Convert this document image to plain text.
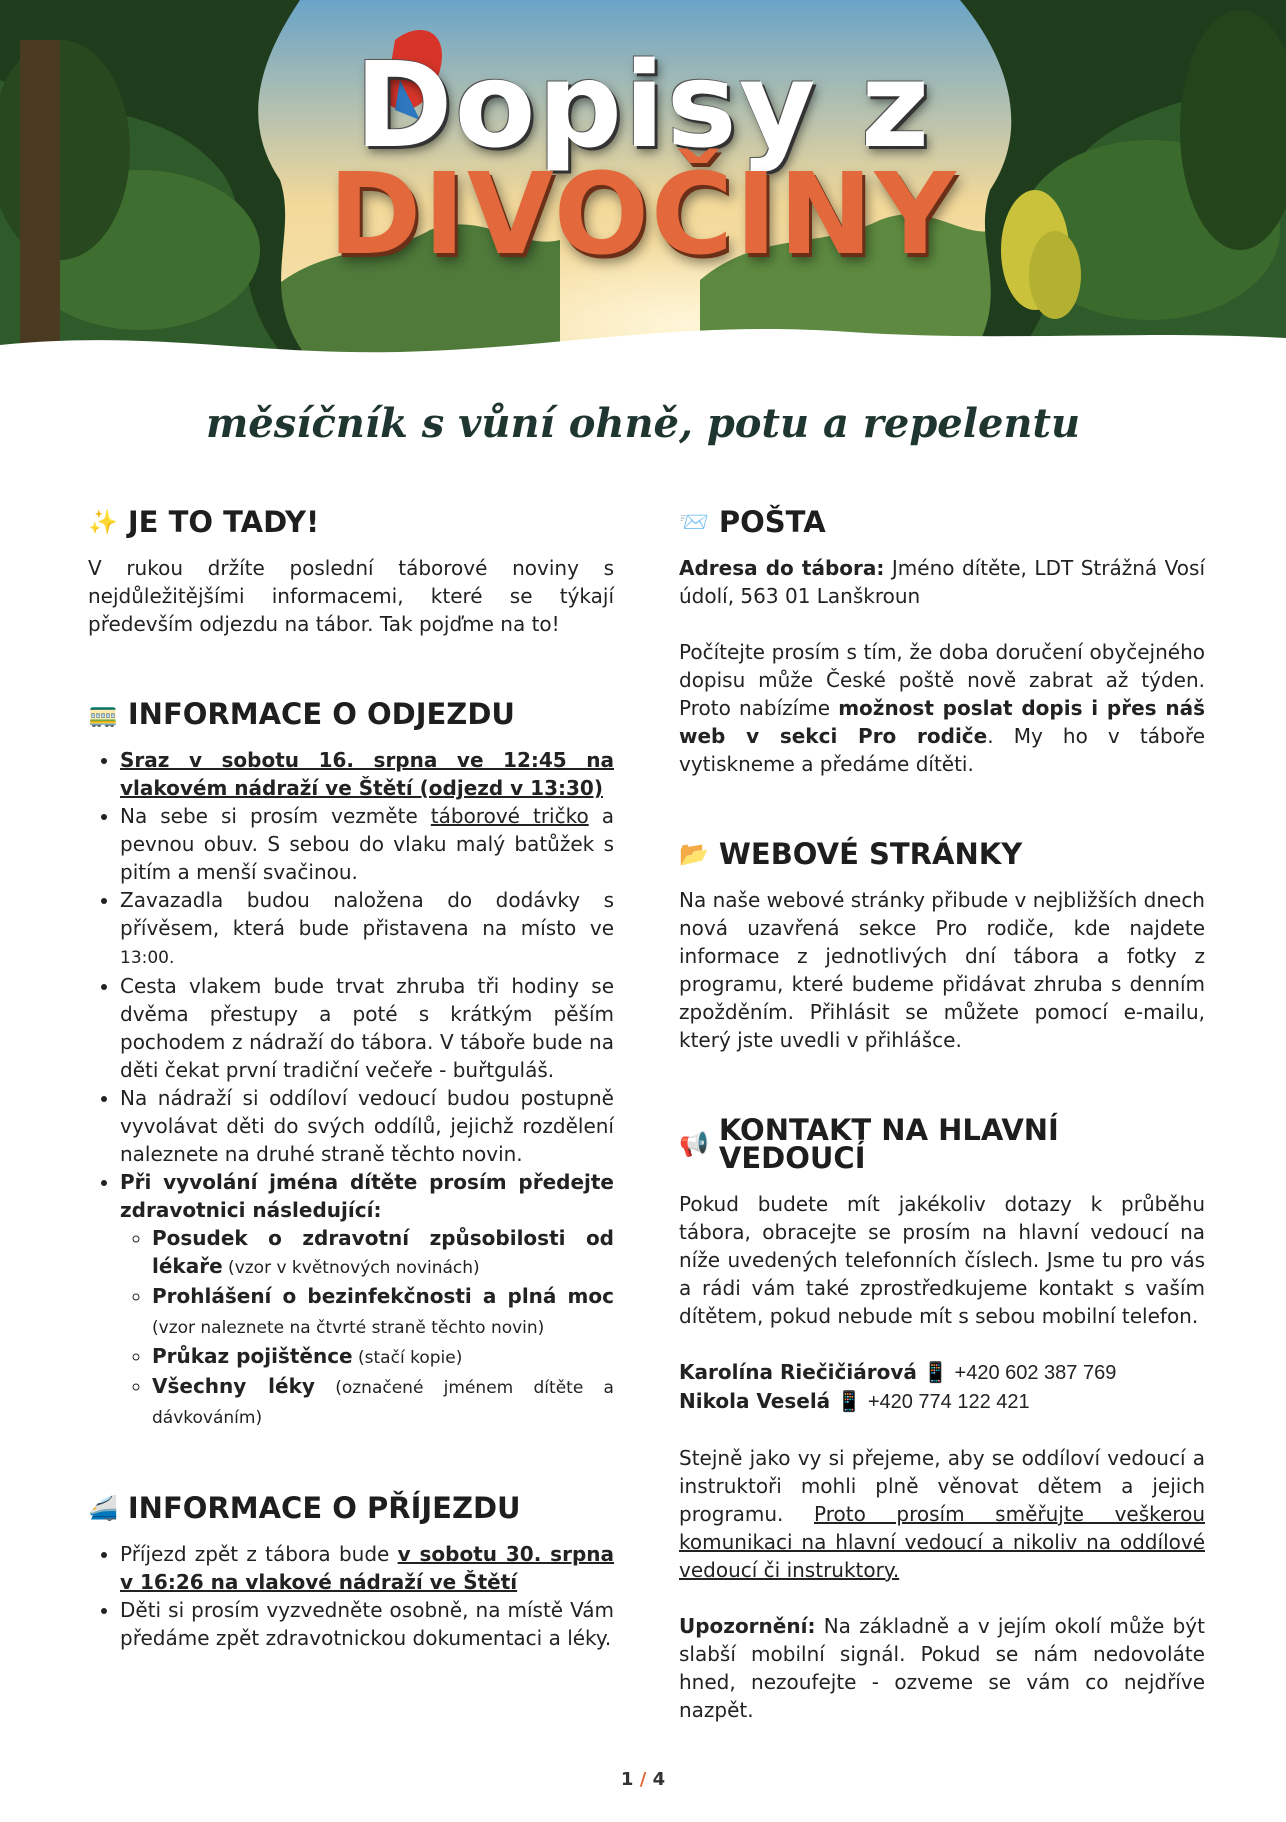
Dopisy z
DIVOČINY
měsíčník s vůní ohně, potu a repelentu
✨ JE TO TADY!

V rukou držíte poslední táborové noviny s nejdůležitějšími informacemi, které se týkají především odjezdu na tábor. Tak pojďme na to!

🚃 INFORMACE O ODJEZDU
• Sraz v sobotu 16. srpna ve 12:45 na vlakovém nádraží ve Štětí (odjezd v 13:30)
• Na sebe si prosím vezměte táborové tričko a pevnou obuv. S sebou do vlaku malý batůžek s pitím a menší svačinou.
• Zavazadla budou naložena do dodávky s přívěsem, která bude přistavena na místo ve 13:00.
• Cesta vlakem bude trvat zhruba tři hodiny se dvěma přestupy a poté s krátkým pěším pochodem z nádraží do tábora. V táboře bude na děti čekat první tradiční večeře - buřtguláš.
• Na nádraží si oddíloví vedoucí budou postupně vyvolávat děti do svých oddílů, jejichž rozdělení naleznete na druhé straně těchto novin.
• Při vyvolání jména dítěte prosím předejte zdravotnici následující:
◦ Posudek o zdravotní způsobilosti od lékaře (vzor v květnových novinách)
◦ Prohlášení o bezinfekčnosti a plná moc (vzor naleznete na čtvrté straně těchto novin)
◦ Průkaz pojištěnce (stačí kopie)
◦ Všechny léky (označené jménem dítěte a dávkováním)
🚄 INFORMACE O PŘÍJEZDU
• Příjezd zpět z tábora bude v sobotu 30. srpna v 16:26 na vlakové nádraží ve Štětí
• Děti si prosím vyzvedněte osobně, na místě Vám předáme zpět zdravotnickou dokumentaci a léky.
📨 POŠTA

Adresa do tábora: Jméno dítěte, LDT Strážná Vosí údolí, 563 01 Lanškroun

Počítejte prosím s tím, že doba doručení obyčejného dopisu může České poště nově zabrat až týden. Proto nabízíme možnost poslat dopis i přes náš web v sekci Pro rodiče. My ho v táboře vytiskneme a předáme dítěti.

📂 WEBOVÉ STRÁNKY

Na naše webové stránky přibude v nejbližších dnech nová uzavřená sekce Pro rodiče, kde najdete informace z jednotlivých dní tábora a fotky z programu, které budeme přidávat zhruba s denním zpožděním. Přihlásit se můžete pomocí e-mailu, který jste uvedli v přihlášce.

📢 KONTAKT NA HLAVNÍ VEDOUCÍ

Pokud budete mít jakékoliv dotazy k průběhu tábora, obracejte se prosím na hlavní vedoucí na níže uvedených telefonních číslech. Jsme tu pro vás a rádi vám také zprostředkujeme kontakt s vaším dítětem, pokud nebude mít s sebou mobilní telefon.

Karolína Riečičiárová 📱 +420 602 387 769
Nikola Veselá 📱 +420 774 122 421

Stejně jako vy si přejeme, aby se oddíloví vedoucí a instruktoři mohli plně věnovat dětem a jejich programu. Proto prosím směřujte veškerou komunikaci na hlavní vedoucí a nikoliv na oddílové vedoucí či instruktory.

Upozornění: Na základně a v jejím okolí může být slabší mobilní signál. Pokud se nám nedovoláte hned, nezoufejte - ozveme se vám co nejdříve nazpět.

1 / 4
